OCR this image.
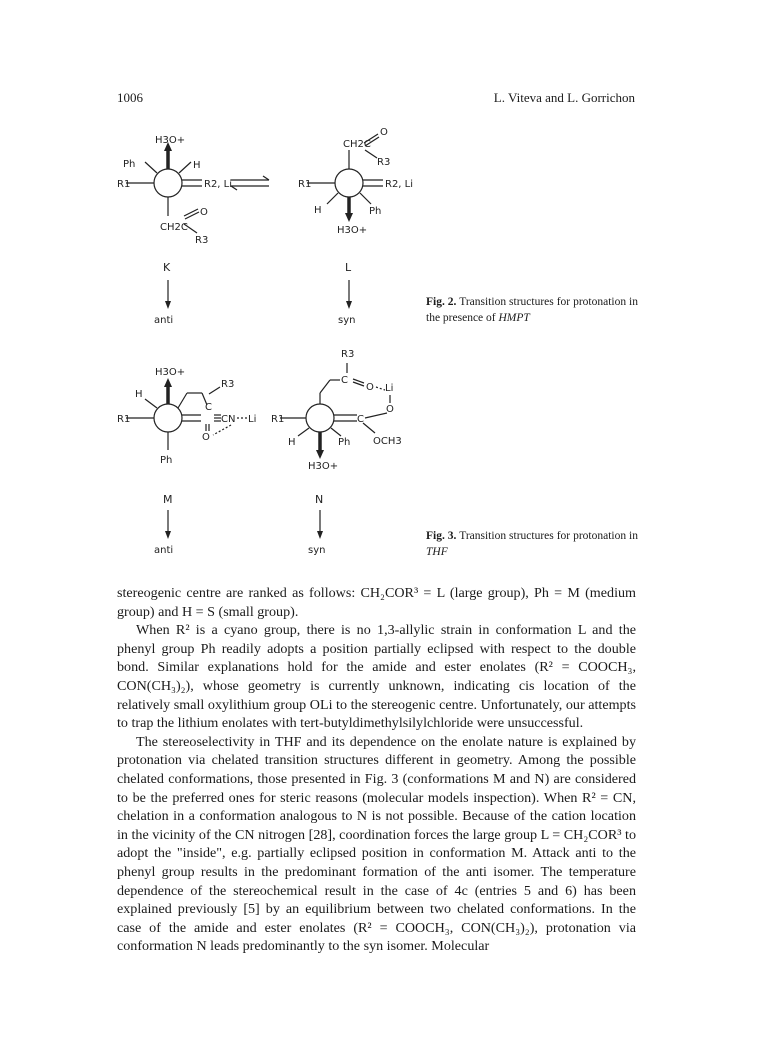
1006	L. Viteva and L. Gorrichon
H3O+
Ph	H
R1	R2, Li
CH2C
O
R3
K
anti
CH2C
O
R3
R1	R2, Li
H	Ph
H3O+
L
syn
Fig. 2. Transition structures for protonation in the presence of HMPT
H3O+
H
R1
C
R3
C N Li
O
Ph
M
anti
R3
C
O Li
O
R1	C
OCH3
H	Ph
H3O+
N
syn
Fig. 3. Transition structures for protonation in THF

stereogenic centre are ranked as follows: CH₂COR³ = L (large group), Ph = M (medium group) and H = S (small group).

When R² is a cyano group, there is no 1,3-allylic strain in conformation L and the phenyl group Ph readily adopts a position partially eclipsed with respect to the double bond. Similar explanations hold for the amide and ester enolates (R² = COOCH₃, CON(CH₃)₂), whose geometry is currently unknown, indicating cis location of the relatively small oxylithium group OLi to the stereogenic centre. Unfortunately, our attempts to trap the lithium enolates with tert-butyldimethylsilylchloride were unsuccessful.

The stereoselectivity in THF and its dependence on the enolate nature is explained by protonation via chelated transition structures different in geometry. Among the possible chelated conformations, those presented in Fig. 3 (conformations M and N) are considered to be the preferred ones for steric reasons (molecular models inspection). When R² = CN, chelation in a conformation analogous to N is not possible. Because of the cation location in the vicinity of the CN nitrogen [28], coordination forces the large group L = CH₂COR³ to adopt the "inside", e.g. partially eclipsed position in conformation M. Attack anti to the phenyl group results in the predominant formation of the anti isomer. The temperature dependence of the stereochemical result in the case of 4c (entries 5 and 6) has been explained previously [5] by an equilibrium between two chelated conformations. In the case of the amide and ester enolates (R² = COOCH₃, CON(CH₃)₂), protonation via conformation N leads predominantly to the syn isomer. Molecular
